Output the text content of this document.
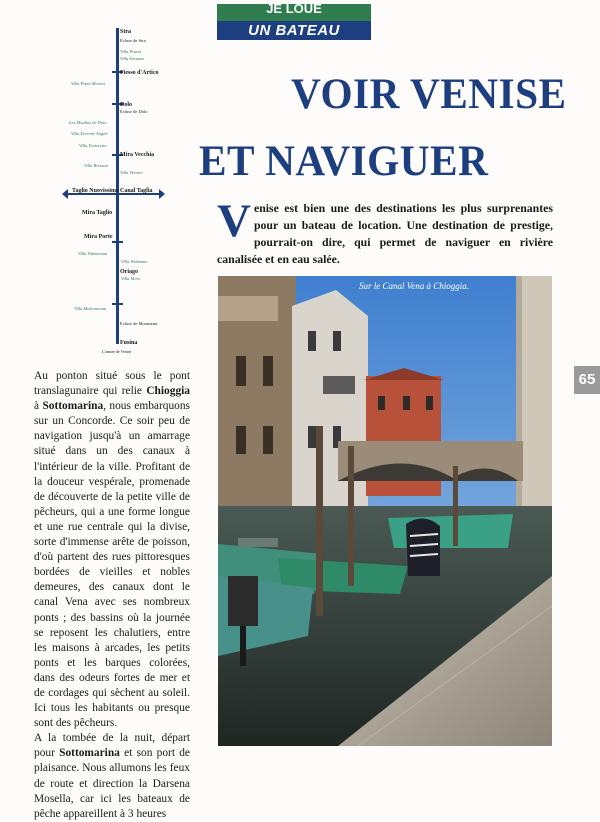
JE LOUE
UN BATEAU
Stra
Ecluse de Stra
Villa Pisani
Villa Soranzo
Fiesso d'Artico
Villa Pizzo-Moreni
Dolo
Ecluse de Dolo
Les Moulins de Dolo
Villa Ferretti-Angeli
Villa Fattoretto
Mira Vecchia
Villa Bressan
Villa Vermer
Taglio Nuovissimo Canal Taglia
Mira Taglio
Mira Porte
Villa Valmarana
Villa Widmann
Oriago
Villa Moro
Villa Malcontenta
Ecluse de Moranzini
Fusina
L'amare de Venise
VOIR VENISE
ET NAVIGUER
Venise est bien une des destinations les plus surprenantes pour un bateau de location. Une destination de prestige, pourrait-on dire, qui permet de naviguer en rivière canalisée et en eau salée.
Sur le Canal Vena à Chioggia.
65

Au ponton situé sous le pont translagunaire qui relie Chioggia à Sottomarina, nous embarquons sur un Concorde. Ce soir peu de navigation jusqu'à un amarrage situé dans un des canaux à l'intérieur de la ville. Profitant de la douceur vespérale, promenade de découverte de la petite ville de pêcheurs, qui a une forme longue et une rue centrale qui la divise, sorte d'immense arête de poisson, d'où partent des rues pittoresques bordées de vieilles et nobles demeures, des canaux dont le canal Vena avec ses nombreux ponts ; des bassins où la journée se reposent les chalutiers, entre les maisons à arcades, les petits ponts et les barques colorées, dans des odeurs fortes de mer et de cordages qui sèchent au soleil. Ici tous les habitants ou presque sont des pêcheurs.

A la tombée de la nuit, départ pour Sottomarina et son port de plaisance. Nous allumons les feux de route et direction la Darsena Mosella, car ici les bateaux de pêche appareillent à 3 heures
